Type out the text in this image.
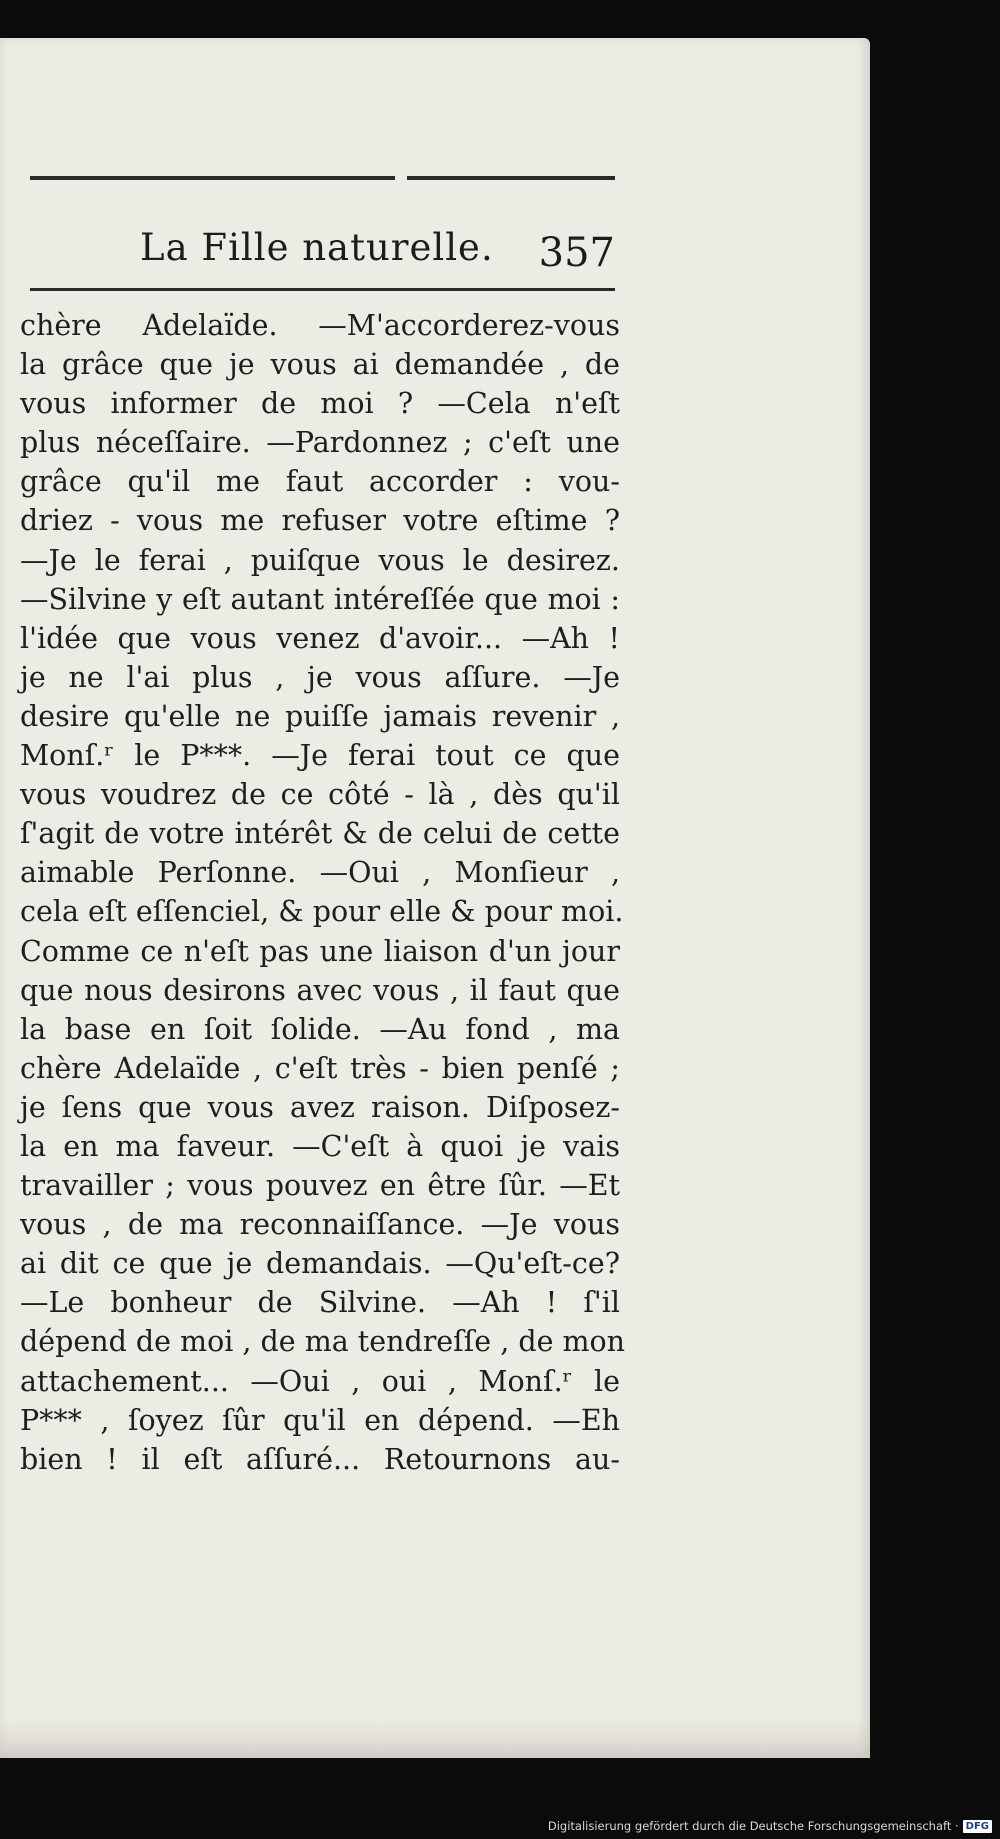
La Fille naturelle. 357
chère Adelaïde. —M'accorderez-vous
la grâce que je vous ai demandée , de
vous informer de moi ? —Cela n'eſt
plus néceſſaire. —Pardonnez ; c'eſt une
grâce qu'il me faut accorder : vou-
driez - vous me refuser votre eſtime ?
—Je le ferai , puiſque vous le desirez.
—Silvine y eſt autant intéreſſée que moi :
l'idée que vous venez d'avoir... —Ah !
je ne l'ai plus , je vous aſſure. —Je
desire qu'elle ne puiſſe jamais revenir ,
Monſ.ʳ le P***. —Je ferai tout ce que
vous voudrez de ce côté - là , dès qu'il
ſ'agit de votre intérêt & de celui de cette
aimable Perſonne. —Oui , Monſieur ,
cela eſt eſſenciel, & pour elle & pour moi.
Comme ce n'eſt pas une liaison d'un jour
que nous desirons avec vous , il faut que
la base en ſoit ſolide. —Au fond , ma
chère Adelaïde , c'eſt très - bien penſé ;
je ſens que vous avez raison. Diſposez-
la en ma faveur. —C'eſt à quoi je vais
travailler ; vous pouvez en être ſûr. —Et
vous , de ma reconnaiſſance. —Je vous
ai dit ce que je demandais. —Qu'eſt-ce?
—Le bonheur de Silvine. —Ah ! ſ'il
dépend de moi , de ma tendreſſe , de mon
attachement... —Oui , oui , Monſ.ʳ le
P*** , ſoyez ſûr qu'il en dépend. —Eh
bien ! il eſt aſſuré... Retournons au-
Digitalisierung gefördert durch die Deutsche Forschungsgemeinschaft · DFG
